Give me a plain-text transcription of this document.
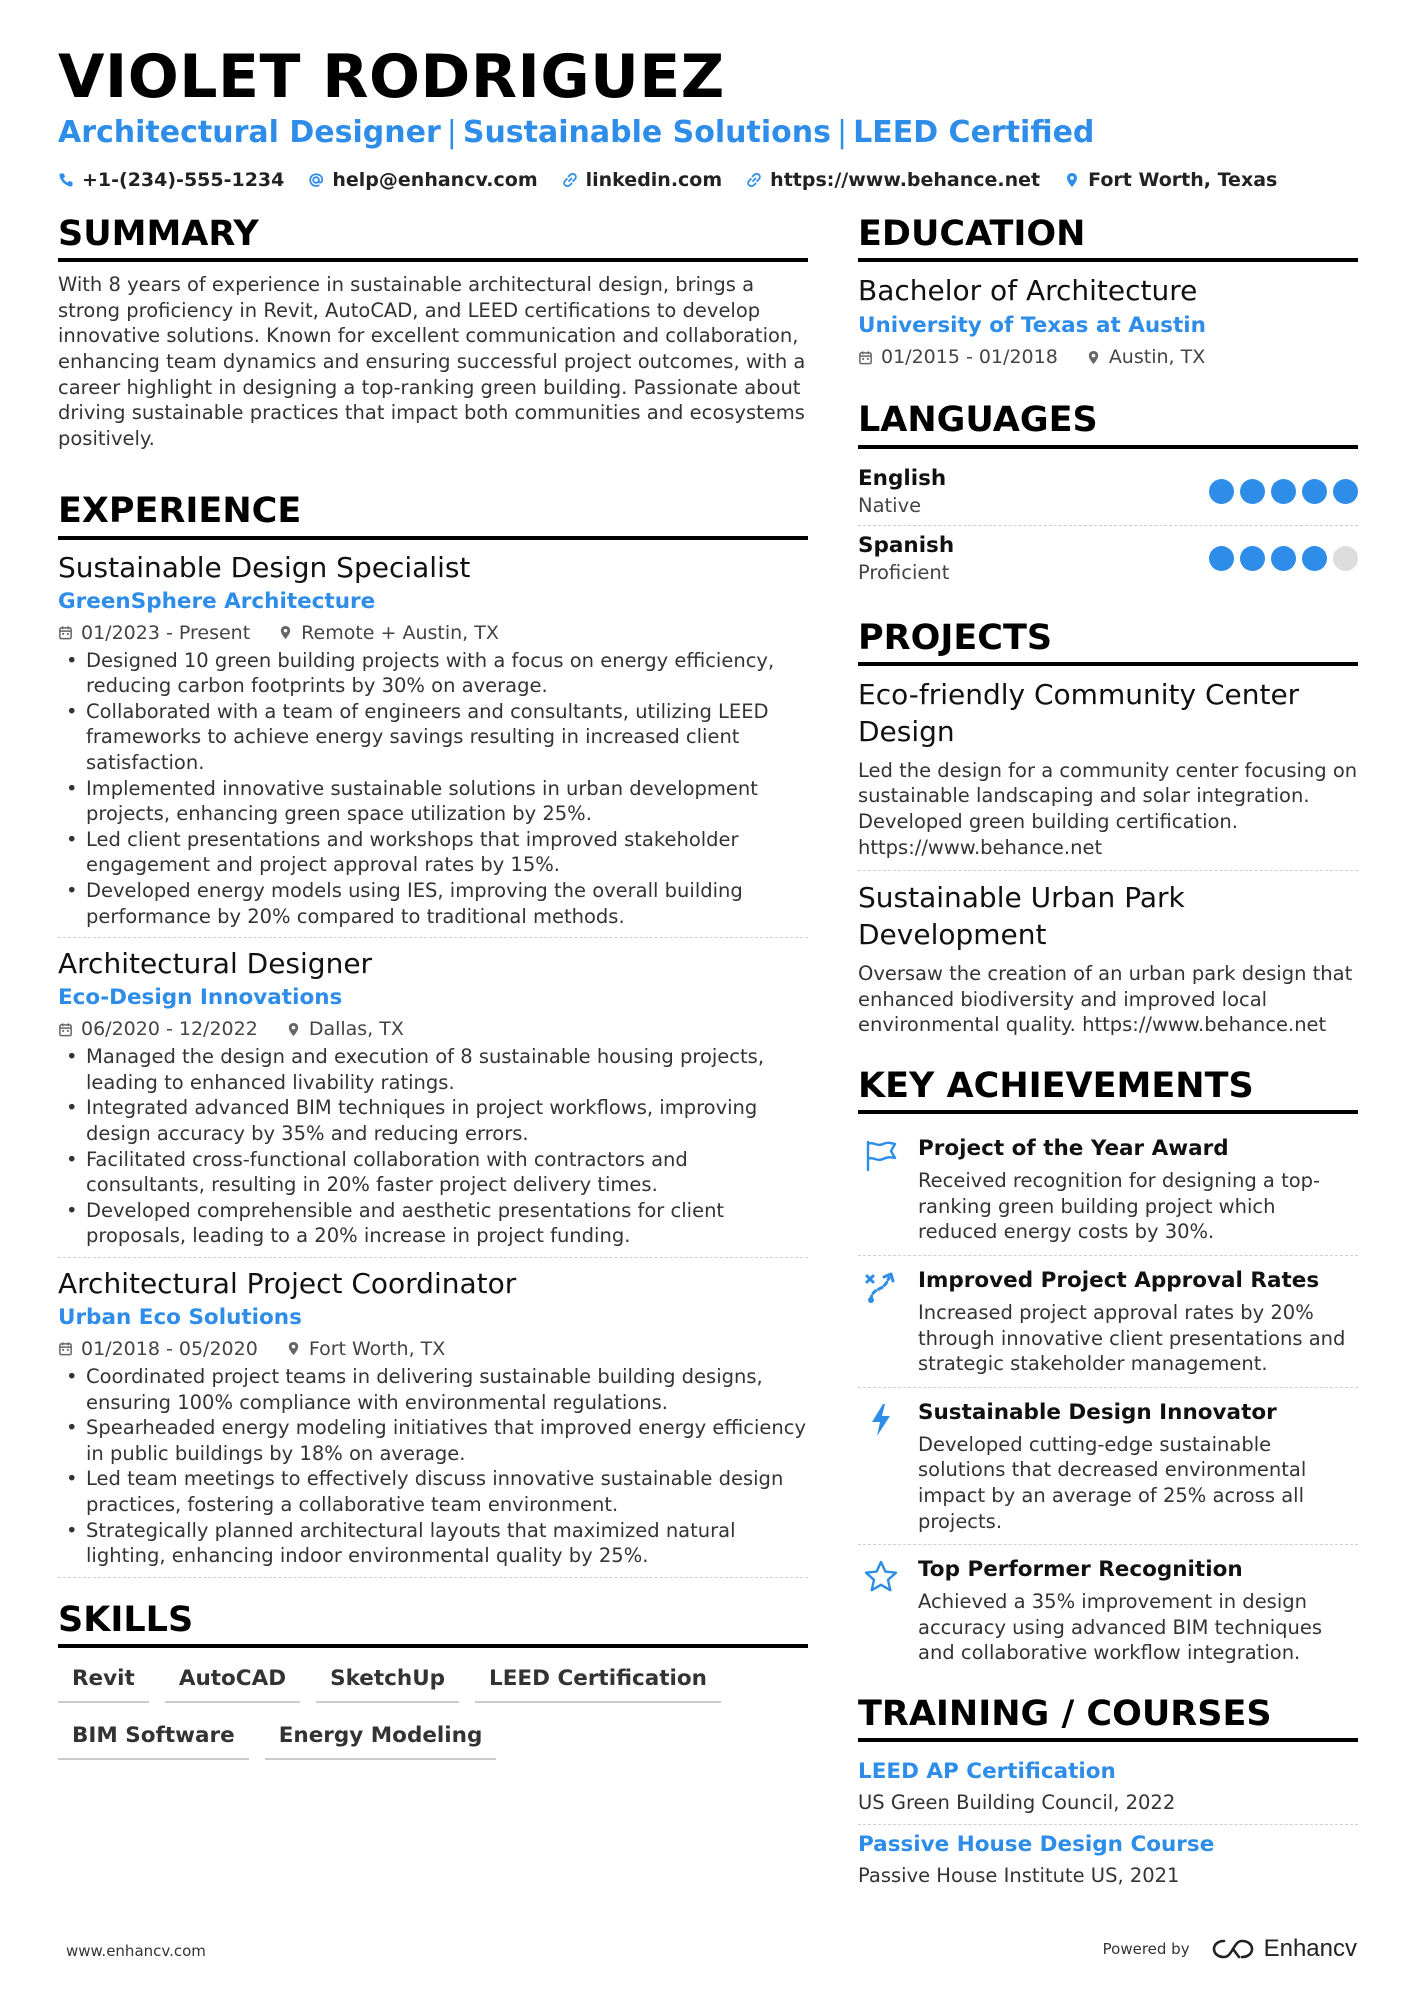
VIOLET RODRIGUEZ
Architectural Designer | Sustainable Solutions | LEED Certified
+1-(234)-555-1234	help@enhancv.com	linkedin.com	https://www.behance.net	Fort Worth, Texas
SUMMARY

With 8 years of experience in sustainable architectural design, brings a strong proficiency in Revit, AutoCAD, and LEED certifications to develop innovative solutions. Known for excellent communication and collaboration, enhancing team dynamics and ensuring successful project outcomes, with a career highlight in designing a top-ranking green building. Passionate about driving sustainable practices that impact both communities and ecosystems positively.

EXPERIENCE
Sustainable Design Specialist
GreenSphere Architecture
01/2023 - Present	Remote + Austin, TX
• Designed 10 green building projects with a focus on energy efficiency, reducing carbon footprints by 30% on average.
• Collaborated with a team of engineers and consultants, utilizing LEED frameworks to achieve energy savings resulting in increased client satisfaction.
• Implemented innovative sustainable solutions in urban development projects, enhancing green space utilization by 25%.
• Led client presentations and workshops that improved stakeholder engagement and project approval rates by 15%.
• Developed energy models using IES, improving the overall building performance by 20% compared to traditional methods.
Architectural Designer
Eco-Design Innovations
06/2020 - 12/2022	Dallas, TX
• Managed the design and execution of 8 sustainable housing projects, leading to enhanced livability ratings.
• Integrated advanced BIM techniques in project workflows, improving design accuracy by 35% and reducing errors.
• Facilitated cross-functional collaboration with contractors and consultants, resulting in 20% faster project delivery times.
• Developed comprehensible and aesthetic presentations for client proposals, leading to a 20% increase in project funding.
Architectural Project Coordinator
Urban Eco Solutions
01/2018 - 05/2020	Fort Worth, TX
• Coordinated project teams in delivering sustainable building designs, ensuring 100% compliance with environmental regulations.
• Spearheaded energy modeling initiatives that improved energy efficiency in public buildings by 18% on average.
• Led team meetings to effectively discuss innovative sustainable design practices, fostering a collaborative team environment.
• Strategically planned architectural layouts that maximized natural lighting, enhancing indoor environmental quality by 25%.
SKILLS
Revit	AutoCAD	SketchUp	LEED Certification
BIM Software	Energy Modeling
EDUCATION
Bachelor of Architecture
University of Texas at Austin
01/2015 - 01/2018	Austin, TX
LANGUAGES
English
Native
Spanish
Proficient
PROJECTS
Eco-friendly Community Center Design
Led the design for a community center focusing on sustainable landscaping and solar integration. Developed green building certification. https://www.behance.net
Sustainable Urban Park Development
Oversaw the creation of an urban park design that enhanced biodiversity and improved local environmental quality. https://www.behance.net
KEY ACHIEVEMENTS
Project of the Year Award
Received recognition for designing a top-ranking green building project which reduced energy costs by 30%.
Improved Project Approval Rates
Increased project approval rates by 20% through innovative client presentations and strategic stakeholder management.
Sustainable Design Innovator
Developed cutting-edge sustainable solutions that decreased environmental impact by an average of 25% across all projects.
Top Performer Recognition
Achieved a 35% improvement in design accuracy using advanced BIM techniques and collaborative workflow integration.
TRAINING / COURSES
LEED AP Certification
US Green Building Council, 2022
Passive House Design Course
Passive House Institute US, 2021
www.enhancv.com	Powered by	Enhancv
